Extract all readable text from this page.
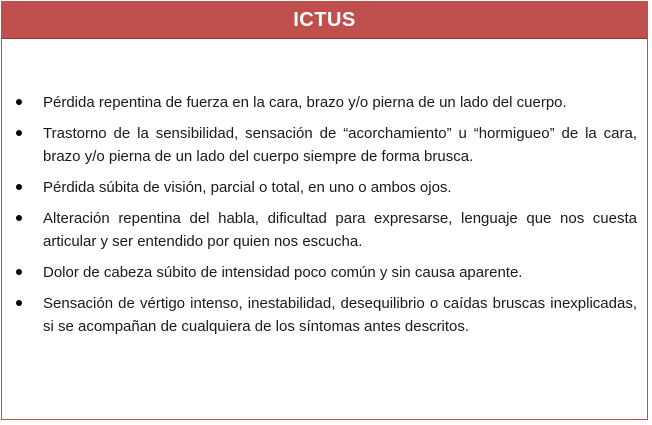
ICTUS
Pérdida repentina de fuerza en la cara, brazo y/o pierna de un lado del cuerpo.
Trastorno de la sensibilidad, sensación de “acorchamiento” u “hormigueo” de la cara, brazo y/o pierna de un lado del cuerpo siempre de forma brusca.
Pérdida súbita de visión, parcial o total, en uno o ambos ojos.
Alteración repentina del habla, dificultad para expresarse, lenguaje que nos cuesta articular y ser entendido por quien nos escucha.
Dolor de cabeza súbito de intensidad poco común y sin causa aparente.
Sensación de vértigo intenso, inestabilidad, desequilibrio o caídas bruscas inexplicadas, si se acompañan de cualquiera de los síntomas antes descritos.
